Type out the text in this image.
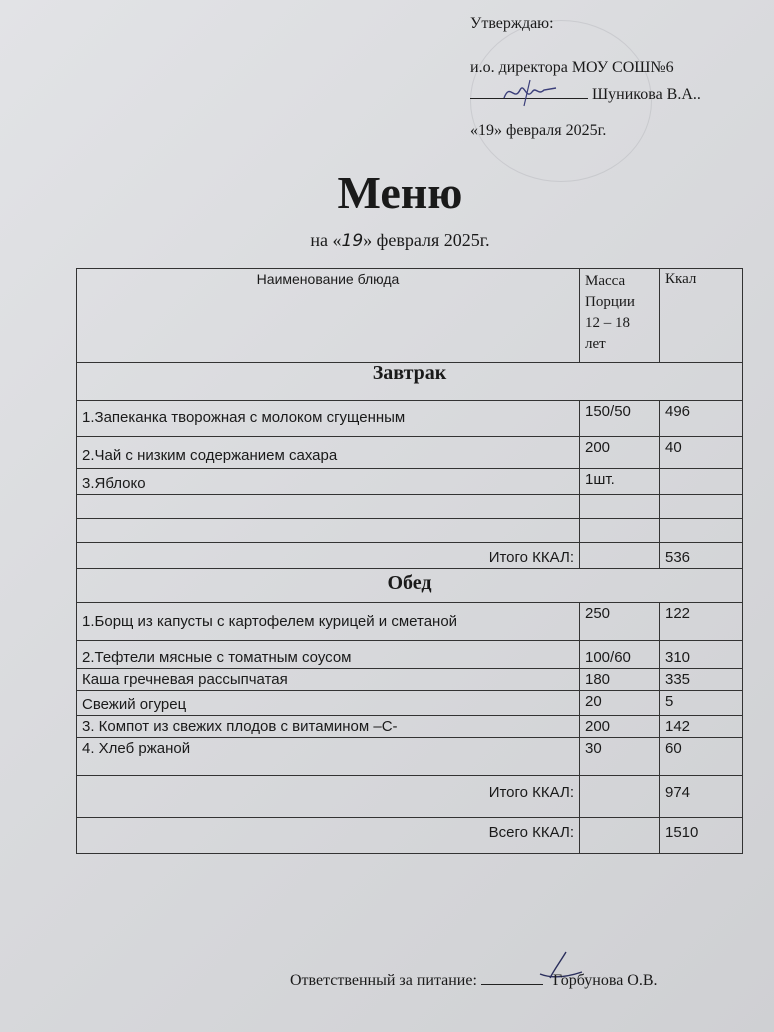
Утверждаю:
и.о. директора МОУ СОШ№6
Шуникова В.А..
«19» февраля 2025г.
Меню
на «19» февраля 2025г.
Наименование блюда	Масса
Порции
12 – 18
лет	Ккал
Завтрак		
1.Запеканка творожная с молоком сгущенным	150/50	496
2.Чай с низким содержанием сахара	200	40
3.Яблоко	1шт.	

Итого ККАЛ:		536
Обед		
1.Борщ из капусты с картофелем курицей и сметаной	250	122
2.Тефтели мясные с томатным соусом	100/60	310
Каша гречневая рассыпчатая	180	335
Свежий огурец	20	5
3. Компот из свежих плодов с витамином –С-	200	142
4. Хлеб ржаной	30	60
Итого ККАЛ:		974
Всего ККАЛ:		1510
Ответственный за питание:	Горбунова О.В.
